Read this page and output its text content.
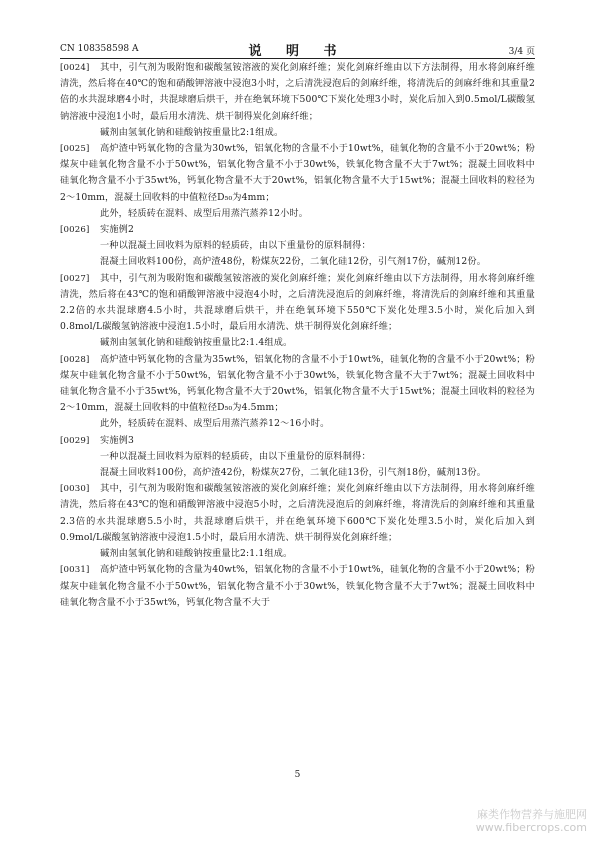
CN 108358598 A	说 明 书	3/4 页

[0024] 其中，引气剂为吸附饱和碳酸氢铵溶液的炭化剑麻纤维；炭化剑麻纤维由以下方法制得，用水将剑麻纤维清洗，然后将在40℃的饱和硝酸钾溶液中浸泡3小时，之后清洗浸泡后的剑麻纤维，将清洗后的剑麻纤维和其重量2倍的水共混球磨4小时，共混球磨后烘干，并在绝氧环境下500℃下炭化处理3小时，炭化后加入到0.5mol/L碳酸氢钠溶液中浸泡1小时，最后用水清洗、烘干制得炭化剑麻纤维；

碱剂由氢氧化钠和硅酸钠按重量比2:1组成。

[0025] 高炉渣中钙氧化物的含量为30wt%，铝氧化物的含量不小于10wt%，硅氧化物的含量不小于20wt%；粉煤灰中硅氧化物含量不小于50wt%，铝氧化物含量不小于30wt%，铁氧化物含量不大于7wt%；混凝土回收料中硅氧化物含量不小于35wt%，钙氧化物含量不大于20wt%，铝氧化物含量不大于15wt%；混凝土回收料的粒径为2～10mm，混凝土回收料的中值粒径D₅₀为4mm；

此外，轻质砖在混料、成型后用蒸汽蒸养12小时。

[0026] 实施例2

一种以混凝土回收料为原料的轻质砖，由以下重量份的原料制得：

混凝土回收料100份，高炉渣48份，粉煤灰22份，二氧化硅12份，引气剂17份，碱剂12份。

[0027] 其中，引气剂为吸附饱和碳酸氢铵溶液的炭化剑麻纤维；炭化剑麻纤维由以下方法制得，用水将剑麻纤维清洗，然后将在43℃的饱和硝酸钾溶液中浸泡4小时，之后清洗浸泡后的剑麻纤维，将清洗后的剑麻纤维和其重量2.2倍的水共混球磨4.5小时，共混球磨后烘干，并在绝氧环境下550℃下炭化处理3.5小时，炭化后加入到0.8mol/L碳酸氢钠溶液中浸泡1.5小时，最后用水清洗、烘干制得炭化剑麻纤维；

碱剂由氢氧化钠和硅酸钠按重量比2:1.4组成。

[0028] 高炉渣中钙氧化物的含量为35wt%，铝氧化物的含量不小于10wt%，硅氧化物的含量不小于20wt%；粉煤灰中硅氧化物含量不小于50wt%，铝氧化物含量不小于30wt%，铁氧化物含量不大于7wt%；混凝土回收料中硅氧化物含量不小于35wt%，钙氧化物含量不大于20wt%，铝氧化物含量不大于15wt%；混凝土回收料的粒径为2～10mm，混凝土回收料的中值粒径D₅₀为4.5mm；

此外，轻质砖在混料、成型后用蒸汽蒸养12～16小时。

[0029] 实施例3

一种以混凝土回收料为原料的轻质砖，由以下重量份的原料制得：

混凝土回收料100份，高炉渣42份，粉煤灰27份，二氧化硅13份，引气剂18份，碱剂13份。

[0030] 其中，引气剂为吸附饱和碳酸氢铵溶液的炭化剑麻纤维；炭化剑麻纤维由以下方法制得，用水将剑麻纤维清洗，然后将在43℃的饱和硝酸钾溶液中浸泡5小时，之后清洗浸泡后的剑麻纤维，将清洗后的剑麻纤维和其重量2.3倍的水共混球磨5.5小时，共混球磨后烘干，并在绝氧环境下600℃下炭化处理3.5小时，炭化后加入到0.9mol/L碳酸氢钠溶液中浸泡1.5小时，最后用水清洗、烘干制得炭化剑麻纤维；

碱剂由氢氧化钠和硅酸钠按重量比2:1.1组成。

[0031] 高炉渣中钙氧化物的含量为40wt%，铝氧化物的含量不小于10wt%，硅氧化物的含量不小于20wt%；粉煤灰中硅氧化物含量不小于50wt%，铝氧化物含量不小于30wt%，铁氧化物含量不大于7wt%；混凝土回收料中硅氧化物含量不小于35wt%，钙氧化物含量不大于

5
麻类作物营养与施肥网
www.fibercrops.com
